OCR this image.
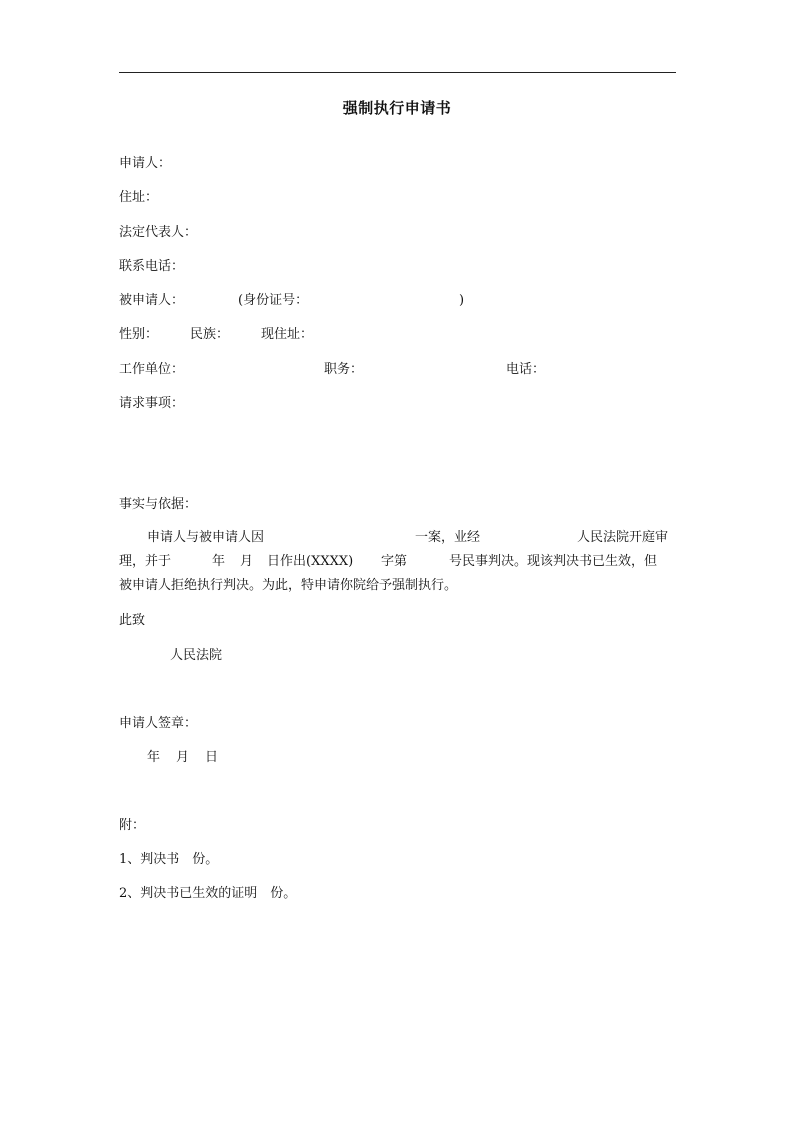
强制执行申请书
申请人：
住址：
法定代表人：
联系电话：
被申请人：	(身份证号：	)
性别： 民族： 现住址：
工作单位：	职务：	电话：
请求事项：
事实与依据：
申请人与被申请人因	一案，业经	人民法院开庭审
理，并于	年 月 日作出(XXXX) 字第	号民事判决。现该判决书已生效，但
被申请人拒绝执行判决。为此，特申请你院给予强制执行。
此致
人民法院
申请人签章：
年 月 日
附：
1、判决书　份。
2、判决书已生效的证明　份。
